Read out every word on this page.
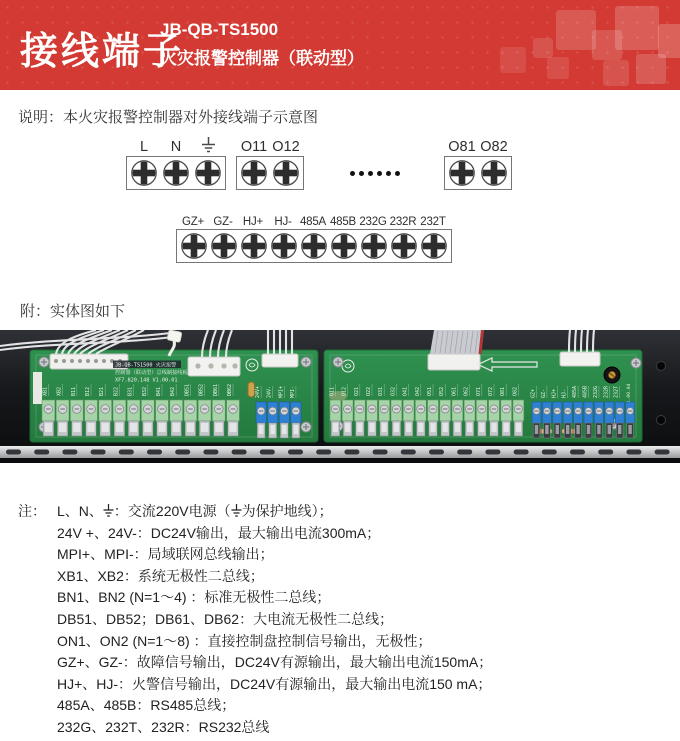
接线端子
JB-QB-TS1500
火灾报警控制器（联动型）
说明：本火灾报警控制器对外接线端子示意图
L	N	O11 O12	O81 O82
GZ+ GZ- HJ+ HJ- 485A 485B 232G 232R 232T
附：实体图如下
JB-QB-TS1500 火灾报警
控制器（联动型）总线制接线板
XF7.820.148 V1.00.01
XB1 XB2 B11 B12 B21 B22 B31 B32 B41 B42 DB51 DB52 DB61 DB62	24V+ 24V- MPI+ MPI-	O11 O12 O21 O22 O31 O32 O41 O42 O51 O52 O61 O62 O71 O72 O81 O82 GZ+ GZ- HJ+ HJ- 485A 485B 232G 232R 232T
注： L、N、 ：交流220V电源（ 为保护地线）；
24V +、24V-：DC24V输出，最大输出电流300mA；
MPI+、MPI-：局域联网总线输出；
XB1、XB2：系统无极性二总线；
BN1、BN2 (N=1～4) ：标准无极性二总线；
DB51、DB52；DB61、DB62：大电流无极性二总线；
ON1、ON2 (N=1～8) ：直接控制盘控制信号输出，无极性；
GZ+、GZ-：故障信号输出，DC24V有源输出，最大输出电流150mA；
HJ+、HJ-：火警信号输出，DC24V有源输出，最大输出电流150 mA；
485A、485B：RS485总线；
232G、232T、232R：RS232总线
